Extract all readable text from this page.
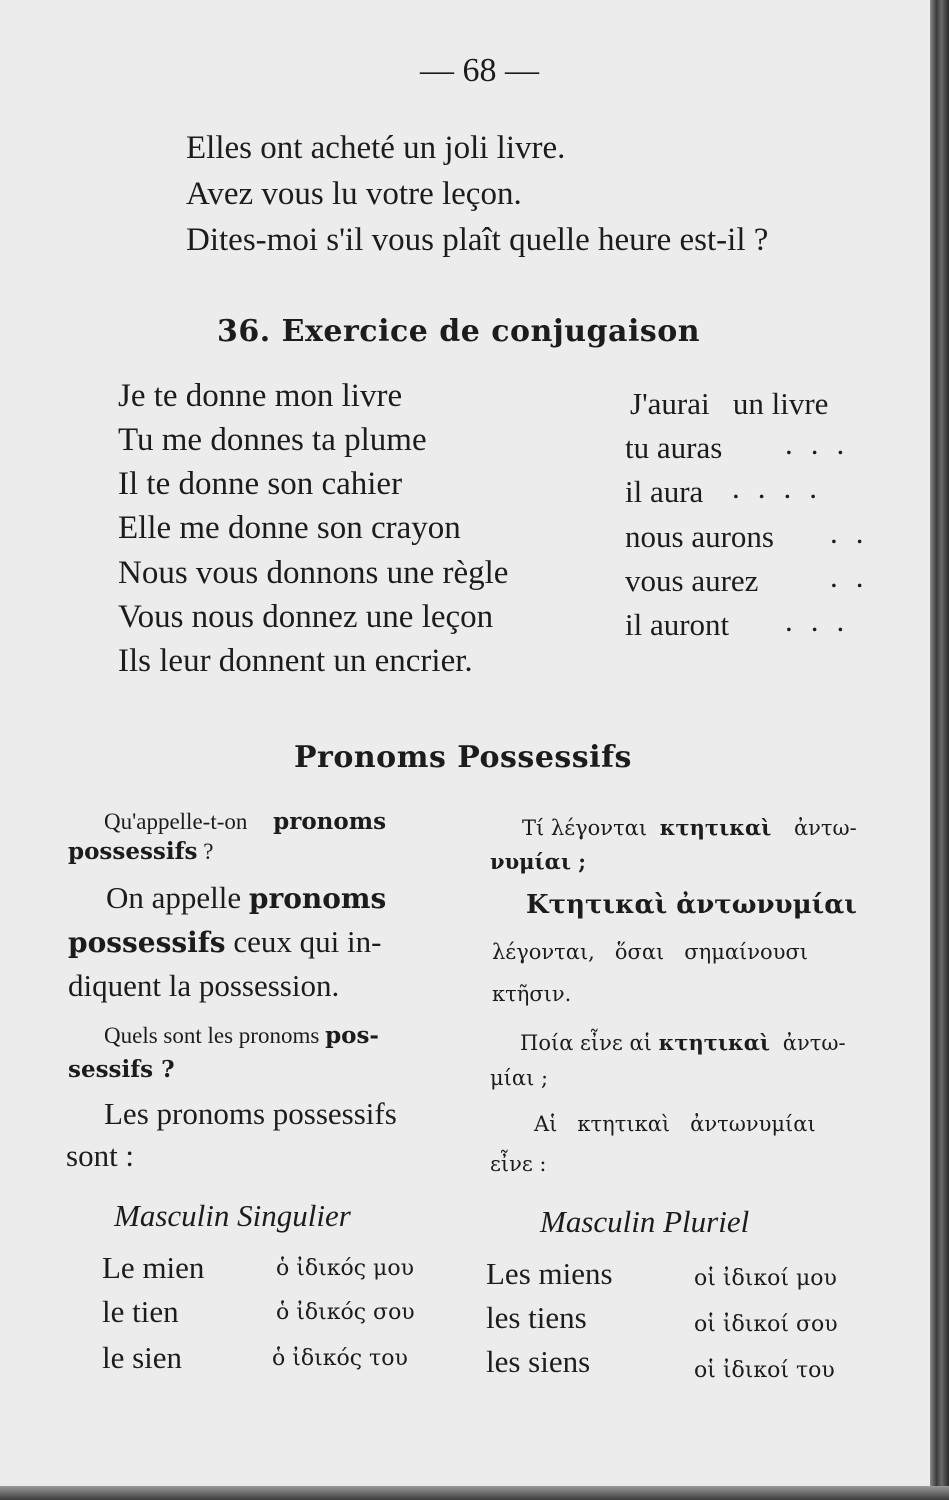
— 68 —
Elles ont acheté un joli livre.
Avez vous lu votre leçon.
Dites-moi s'il vous plaît quelle heure est-il ?
36. Exercice de conjugaison
Je te donne mon livre
Tu me donnes ta plume
Il te donne son cahier
Elle me donne son crayon
Nous vous donnons une règle
Vous nous donnez une leçon
Ils leur donnent un encrier.
J'aurai   un livre
tu auras ...
il aura ....
nous aurons ..
vous aurez ..
il auront ...
Pronoms Possessifs
Qu'appelle-t-on pronoms
possessifs ?
Τί λέγονται κτητικαὶ ἀντω-
νυμίαι ;
On appelle pronoms
possessifs ceux qui in-
diquent la possession.
Κτητικαὶ ἀντωνυμίαι
λέγονται,   ὅσαι   σημαίνουσι
κτῆσιν.
Quels sont les pronoms pos-
sessifs ?
Ποία εἶνε αἱ κτητικαὶ ἀντω-
μίαι ;
Les pronoms possessifs
sont :
Αἱ   κτητικαὶ   ἀντωνυμίαι
εἶνε :
Masculin Singulier	Masculin Pluriel
Le mien	ὁ ἰδικός μου Les miens	οἱ ἰδικοί μου
le tien	ὁ ἰδικός σου les tiens	οἱ ἰδικοί σου
le sien	ὁ ἰδικός του	les siens	οἱ ἰδικοί του
